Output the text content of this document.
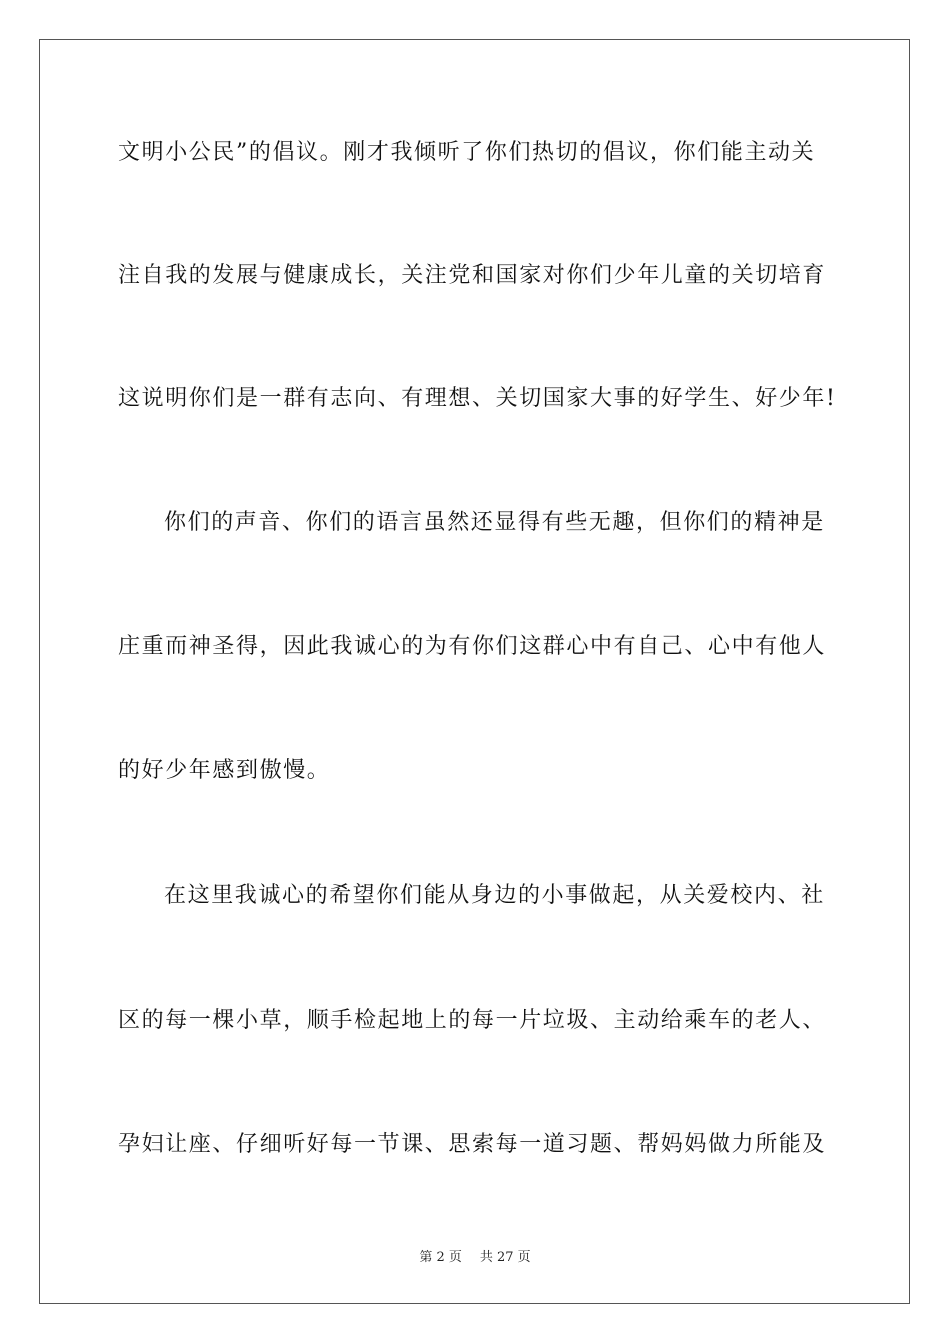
文明小公民”的倡议。刚才我倾听了你们热切的倡议，你们能主动关
注自我的发展与健康成长，关注党和国家对你们少年儿童的关切培育
这说明你们是一群有志向、有理想、关切国家大事的好学生、好少年!
你们的声音、你们的语言虽然还显得有些无趣，但你们的精神是
庄重而神圣得，因此我诚心的为有你们这群心中有自己、心中有他人
的好少年感到傲慢。
在这里我诚心的希望你们能从身边的小事做起，从关爱校内、社
区的每一棵小草，顺手检起地上的每一片垃圾、主动给乘车的老人、
孕妇让座、仔细听好每一节课、思索每一道习题、帮妈妈做力所能及
第 2 页 共 27 页
